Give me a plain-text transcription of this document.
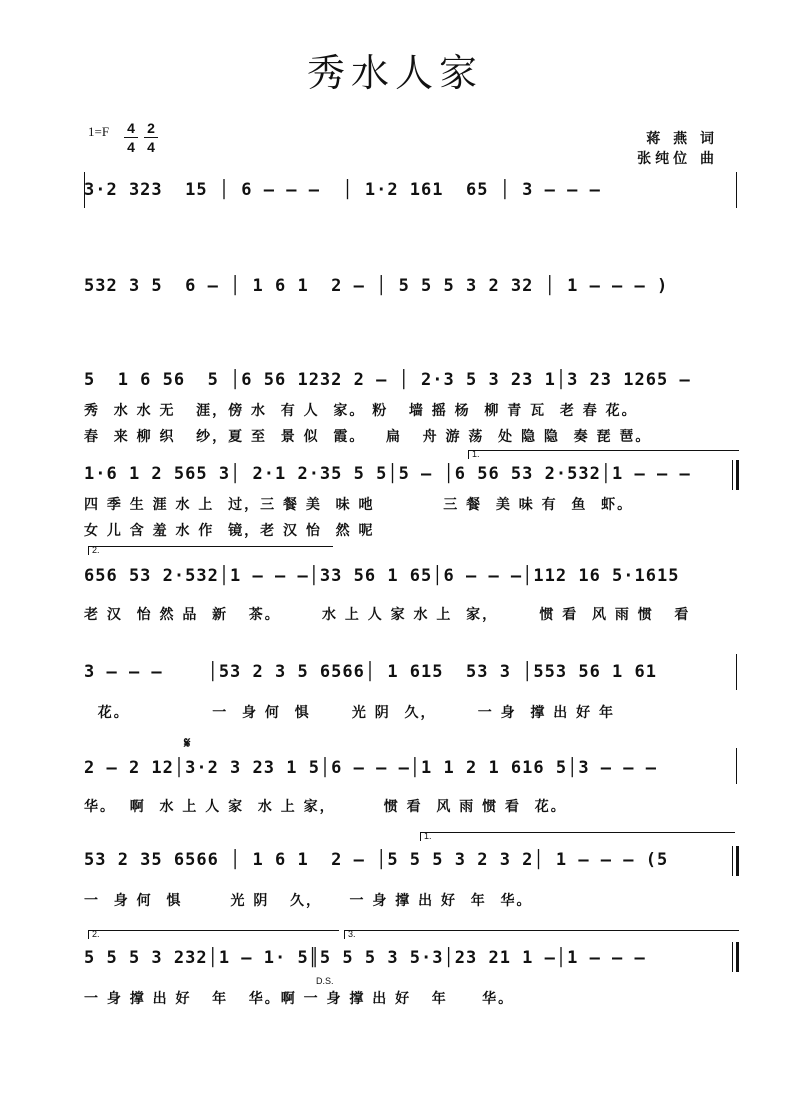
秀水人家
1=F 4
4
2
4	蒋 燕 词
张纯位 曲
3·2 323  15 │ 6 – – –  │ 1·2 161  65 │ 3 – – –
532 3 5  6 – │ 1 6 1  2 – │ 5 5 5 3 2 32 │ 1 – – – )
5  1 6 56  5 │6 56 1232 2 – │ 2·3 5 3 23 1│3 23 1265 –
秀  水 水 无   涯，傍 水  有 人  家。 粉   墙 摇 杨  柳 青 瓦  老 春 花。
春  来 柳 织   纱，夏 至  景 似  霞。   扁   舟 游 荡  处 隐 隐  奏 琵 琶。
1.
1·6 1 2 565 3│ 2·1 2·35 5 5│5 – │6 56 53 2·532│1 – – –
四 季 生 涯 水 上  过，三 餐 美  味 吔          三 餐  美 味 有  鱼  虾。
女 儿 含 羞 水 作  镜，老 汉 怡  然 呢
2.
656 53 2·532│1 – – –│33 56 1 65│6 – – –│112 16 5·1615
老 汉  怡 然 品  新   茶。      水 上 人 家 水 上  家，      惯 看  风 雨 惯   看
3 – – –    │53 2 3 5 6566│ 1 615  53 3 │553 56 1 61
花。            一  身 何  惧      光 阴  久，      一 身  撑 出 好 年
𝄋
2 – 2 12│3·2 3 23 1 5│6 – – –│1 1 2 1 616 5│3 – – –
华。  啊  水 上 人 家  水 上 家，       惯 看  风 雨 惯 看  花。
1.
53 2 35 6566 │ 1 6 1  2 – │5 5 5 3 2 3 2│ 1 – – – (5
一  身 何  惧       光 阴   久，    一 身 撑 出 好  年  华。
2.	3.
5 5 5 3 232│1 – 1· 5║5 5 5 3 5·3│23 21 1 –│1 – – –
D.S.
一 身 撑 出 好   年   华。啊 一 身 撑 出 好   年     华。
